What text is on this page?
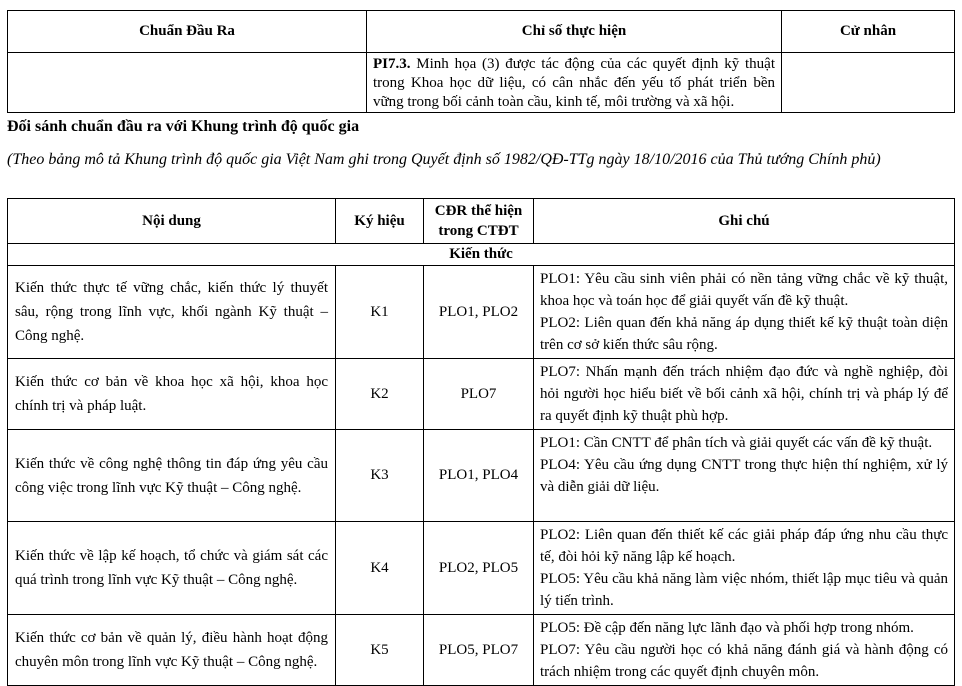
Chuẩn Đầu Ra	Chỉ số thực hiện	Cử nhân

	PI7.3. Minh họa (3) được tác động của các quyết định kỹ thuật trong Khoa học dữ liệu, có cân nhắc đến yếu tố phát triển bền vững trong bối cảnh toàn cầu, kinh tế, môi trường và xã hội.	

Đối sánh chuẩn đầu ra với Khung trình độ quốc gia
(Theo bảng mô tả Khung trình độ quốc gia Việt Nam ghi trong Quyết định số 1982/QĐ-TTg ngày 18/10/2016 của Thủ tướng Chính phủ)
Nội dung	Ký hiệu	CĐR thể hiện trong CTĐT	Ghi chú
Kiến thức			
Kiến thức thực tế vững chắc, kiến thức lý thuyết sâu, rộng trong lĩnh vực, khối ngành Kỹ thuật – Công nghệ.	K1	PLO1, PLO2	PLO1: Yêu cầu sinh viên phải có nền tảng vững chắc về kỹ thuật, khoa học và toán học để giải quyết vấn đề kỹ thuật.
PLO2: Liên quan đến khả năng áp dụng thiết kế kỹ thuật toàn diện trên cơ sở kiến thức sâu rộng.

Kiến thức cơ bản về khoa học xã hội, khoa học chính trị và pháp luật.	K2	PLO7	PLO7: Nhấn mạnh đến trách nhiệm đạo đức và nghề nghiệp, đòi hỏi người học hiểu biết về bối cảnh xã hội, chính trị và pháp lý để ra quyết định kỹ thuật phù hợp.

Kiến thức về công nghệ thông tin đáp ứng yêu cầu công việc trong lĩnh vực Kỹ thuật – Công nghệ.	K3	PLO1, PLO4	PLO1: Cần CNTT để phân tích và giải quyết các vấn đề kỹ thuật.
PLO4: Yêu cầu ứng dụng CNTT trong thực hiện thí nghiệm, xử lý và diễn giải dữ liệu.

Kiến thức về lập kế hoạch, tổ chức và giám sát các quá trình trong lĩnh vực Kỹ thuật – Công nghệ.	K4	PLO2, PLO5	PLO2: Liên quan đến thiết kế các giải pháp đáp ứng nhu cầu thực tế, đòi hỏi kỹ năng lập kế hoạch.
PLO5: Yêu cầu khả năng làm việc nhóm, thiết lập mục tiêu và quản lý tiến trình.

Kiến thức cơ bản về quản lý, điều hành hoạt động chuyên môn trong lĩnh vực Kỹ thuật – Công nghệ.	K5	PLO5, PLO7	PLO5: Đề cập đến năng lực lãnh đạo và phối hợp trong nhóm.
PLO7: Yêu cầu người học có khả năng đánh giá và hành động có trách nhiệm trong các quyết định chuyên môn.
